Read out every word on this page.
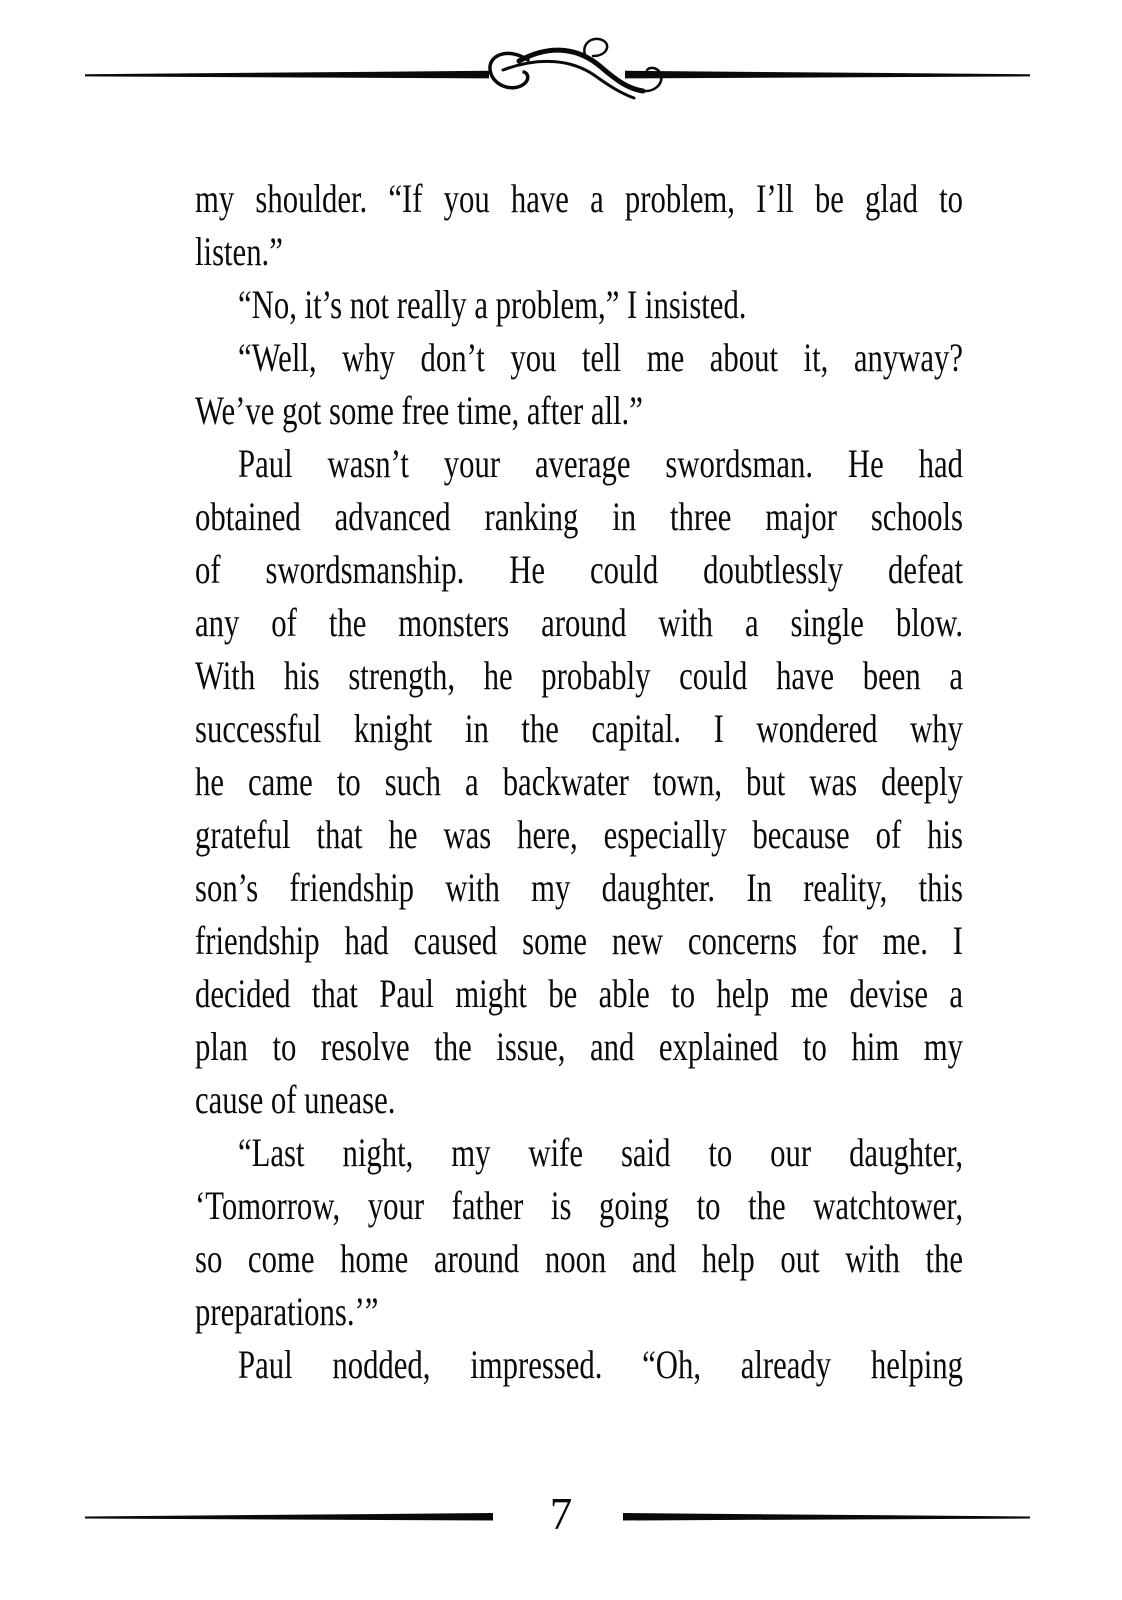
my shoulder. “If you have a problem, I’ll be glad to
listen.”
“No, it’s not really a problem,” I insisted.
“Well, why don’t you tell me about it, anyway?
We’ve got some free time, after all.”
Paul wasn’t your average swordsman. He had
obtained advanced ranking in three major schools
of swordsmanship. He could doubtlessly defeat
any of the monsters around with a single blow.
With his strength, he probably could have been a
successful knight in the capital. I wondered why
he came to such a backwater town, but was deeply
grateful that he was here, especially because of his
son’s friendship with my daughter. In reality, this
friendship had caused some new concerns for me. I
decided that Paul might be able to help me devise a
plan to resolve the issue, and explained to him my
cause of unease.
“Last night, my wife said to our daughter,
‘Tomorrow, your father is going to the watchtower,
so come home around noon and help out with the
preparations.’”
Paul nodded, impressed. “Oh, already helping
7
